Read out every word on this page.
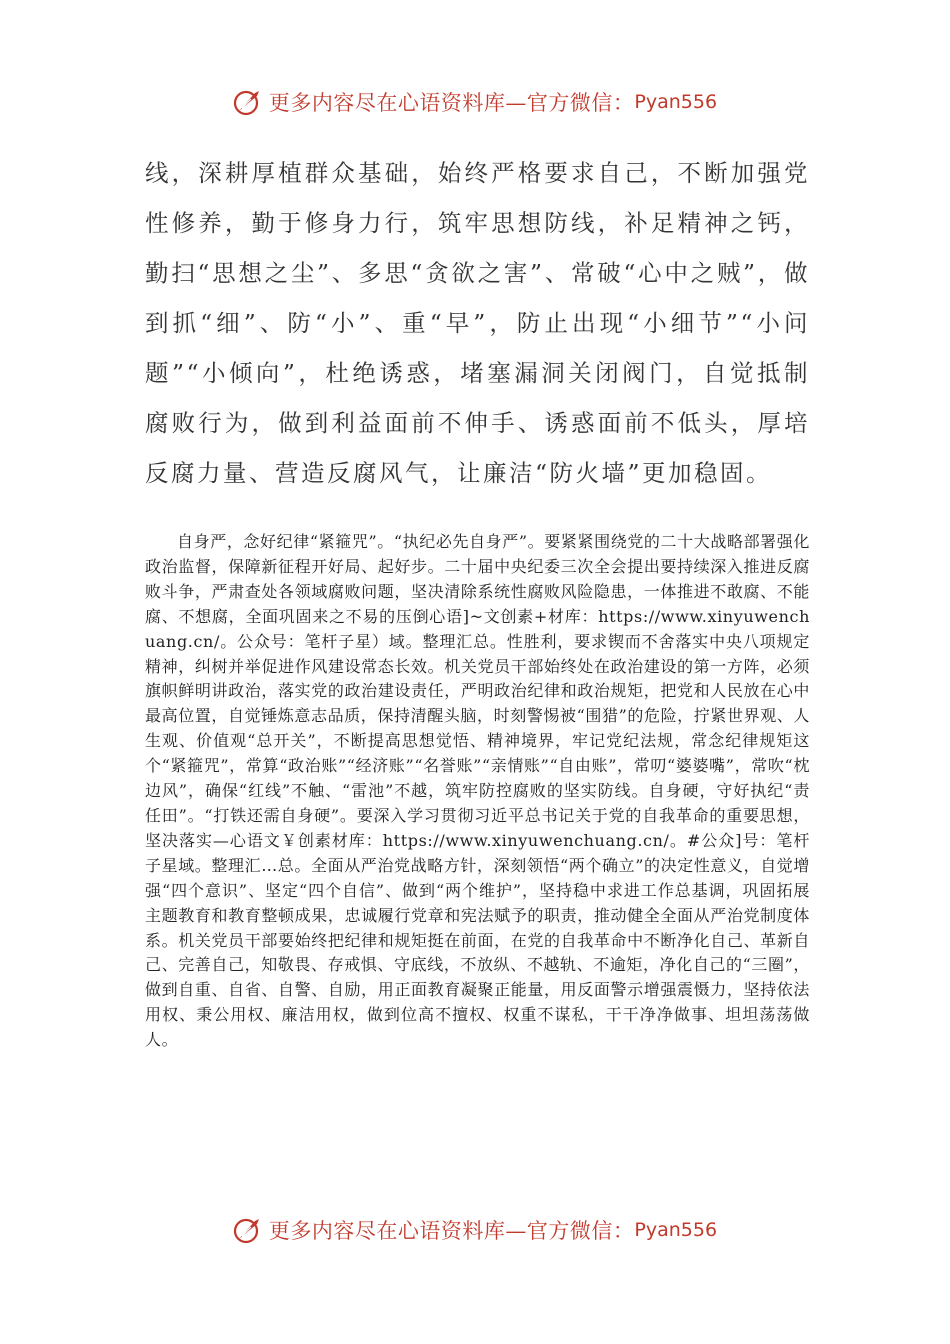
更多内容尽在心语资料库—官方微信： Pyan556

线，深耕厚植群众基础，始终严格要求自己，不断加强党性修养，勤于修身力行，筑牢思想防线，补足精神之钙，勤扫“思想之尘”、多思“贪欲之害”、常破“心中之贼”，做到抓“细”、防“小”、重“早”，防止出现“小细节”“小问题”“小倾向”，杜绝诱惑，堵塞漏洞关闭阀门，自觉抵制腐败行为，做到利益面前不伸手、诱惑面前不低头，厚培反腐力量、营造反腐风气，让廉洁“防火墙”更加稳固。

自身严，念好纪律“紧箍咒”。“执纪必先自身严”。要紧紧围绕党的二十大战略部署强化政治监督，保障新征程开好局、起好步。二十届中央纪委三次全会提出要持续深入推进反腐败斗争，严肃查处各领域腐败问题，坚决清除系统性腐败风险隐患，一体推进不敢腐、不能腐、不想腐，全面巩固来之不易的压倒心语]~文创素+材库：https://www.xinyuwenchuang.cn/。公众号：笔杆子星）域。整理汇总。性胜利，要求锲而不舍落实中央八项规定精神，纠树并举促进作风建设常态长效。机关党员干部始终处在政治建设的第一方阵，必须旗帜鲜明讲政治，落实党的政治建设责任，严明政治纪律和政治规矩，把党和人民放在心中最高位置，自觉锤炼意志品质，保持清醒头脑，时刻警惕被“围猎”的危险，拧紧世界观、人生观、价值观“总开关”，不断提高思想觉悟、精神境界，牢记党纪法规，常念纪律规矩这个“紧箍咒”，常算“政治账”“经济账”“名誉账”“亲情账”“自由账”，常叨“婆婆嘴”，常吹“枕边风”，确保“红线”不触、“雷池”不越，筑牢防控腐败的坚实防线。自身硬，守好执纪“责任田”。“打铁还需自身硬”。要深入学习贯彻习近平总书记关于党的自我革命的重要思想，坚决落实—心语文￥创素材库：https://www.xinyuwenchuang.cn/。#公众]号：笔杆子星域。整理汇…总。全面从严治党战略方针，深刻领悟“两个确立”的决定性意义，自觉增强“四个意识”、坚定“四个自信”、做到“两个维护”，坚持稳中求进工作总基调，巩固拓展主题教育和教育整顿成果，忠诚履行党章和宪法赋予的职责，推动健全全面从严治党制度体系。机关党员干部要始终把纪律和规矩挺在前面，在党的自我革命中不断净化自己、革新自己、完善自己，知敬畏、存戒惧、守底线，不放纵、不越轨、不逾矩，净化自己的“三圈”，做到自重、自省、自警、自励，用正面教育凝聚正能量，用反面警示增强震慑力，坚持依法用权、秉公用权、廉洁用权，做到位高不擅权、权重不谋私，干干净净做事、坦坦荡荡做人。

更多内容尽在心语资料库—官方微信： Pyan556
